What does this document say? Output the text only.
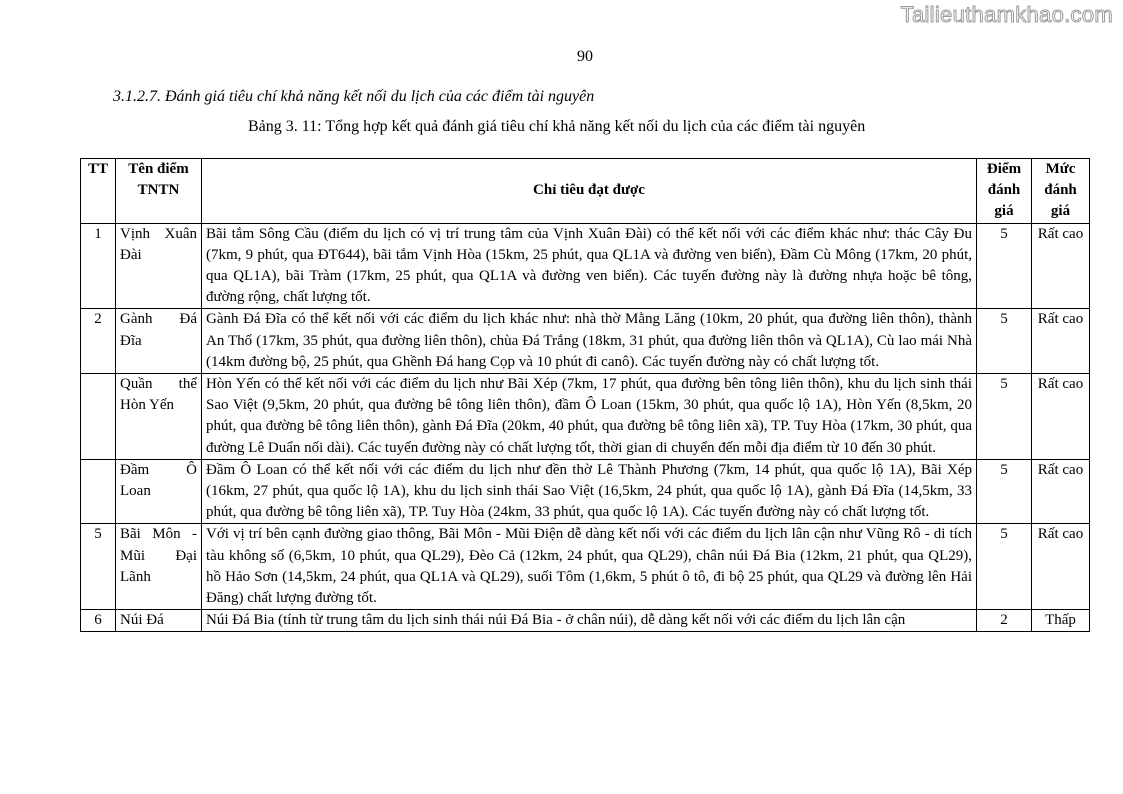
Tailieuthamkhao.com
90
3.1.2.7. Đánh giá tiêu chí khả năng kết nối du lịch của các điểm tài nguyên
Bảng 3. 11: Tổng hợp kết quả đánh giá tiêu chí khả năng kết nối du lịch của các điểm tài nguyên
TT	Tên điểm TNTN	Chỉ tiêu đạt được	Điểm đánh giá	Mức đánh giá
1	Vịnh Xuân Đài	Bãi tắm Sông Cầu (điểm du lịch có vị trí trung tâm của Vịnh Xuân Đài) có thể kết nối với các điểm khác như: thác Cây Đu (7km, 9 phút, qua ĐT644), bãi tắm Vịnh Hòa (15km, 25 phút, qua QL1A và đường ven biển), Đầm Cù Mông (17km, 20 phút, qua QL1A), bãi Tràm (17km, 25 phút, qua QL1A và đường ven biển). Các tuyến đường này là đường nhựa hoặc bê tông, đường rộng, chất lượng tốt.	5	Rất cao
2	Gành Đá Đĩa	Gành Đá Đĩa có thể kết nối với các điểm du lịch khác như: nhà thờ Mằng Lăng (10km, 20 phút, qua đường liên thôn), thành An Thổ (17km, 35 phút, qua đường liên thôn), chùa Đá Trắng (18km, 31 phút, qua đường liên thôn và QL1A), Cù lao mái Nhà (14km đường bộ, 25 phút, qua Ghềnh Đá hang Cọp và 10 phút đi canô). Các tuyến đường này có chất lượng tốt.	5	Rất cao
	Quần thể Hòn Yến	Hòn Yến có thể kết nối với các điểm du lịch như Bãi Xép (7km, 17 phút, qua đường bên tông liên thôn), khu du lịch sinh thái Sao Việt (9,5km, 20 phút, qua đường bê tông liên thôn), đầm Ô Loan (15km, 30 phút, qua quốc lộ 1A), Hòn Yến (8,5km, 20 phút, qua đường bê tông liên thôn), gành Đá Đĩa (20km, 40 phút, qua đường bê tông liên xã), TP. Tuy Hòa (17km, 30 phút, qua đường Lê Duẩn nối dài). Các tuyến đường này có chất lượng tốt, thời gian di chuyển đến mỗi địa điểm từ 10 đến 30 phút.	5	Rất cao
	Đầm Ô Loan	Đầm Ô Loan có thể kết nối với các điểm du lịch như đền thờ Lê Thành Phương (7km, 14 phút, qua quốc lộ 1A), Bãi Xép (16km, 27 phút, qua quốc lộ 1A), khu du lịch sinh thái Sao Việt (16,5km, 24 phút, qua quốc lộ 1A), gành Đá Đĩa (14,5km, 33 phút, qua đường bê tông liên xã), TP. Tuy Hòa (24km, 33 phút, qua quốc lộ 1A). Các tuyến đường này có chất lượng tốt.	5	Rất cao
5	Bãi Môn - Mũi Đại Lãnh	Với vị trí bên cạnh đường giao thông, Bãi Môn - Mũi Điện dễ dàng kết nối với các điểm du lịch lân cận như Vũng Rô - di tích tàu không số (6,5km, 10 phút, qua QL29), Đèo Cả (12km, 24 phút, qua QL29), chân núi Đá Bia (12km, 21 phút, qua QL29), hồ Hảo Sơn (14,5km, 24 phút, qua QL1A và QL29), suối Tôm (1,6km, 5 phút ô tô, đi bộ 25 phút, qua QL29 và đường lên Hải Đăng) chất lượng đường tốt.	5	Rất cao
6	Núi Đá	Núi Đá Bia (tính từ trung tâm du lịch sinh thái núi Đá Bia - ở chân núi), dễ dàng kết nối với các điểm du lịch lân cận	2	Thấp
